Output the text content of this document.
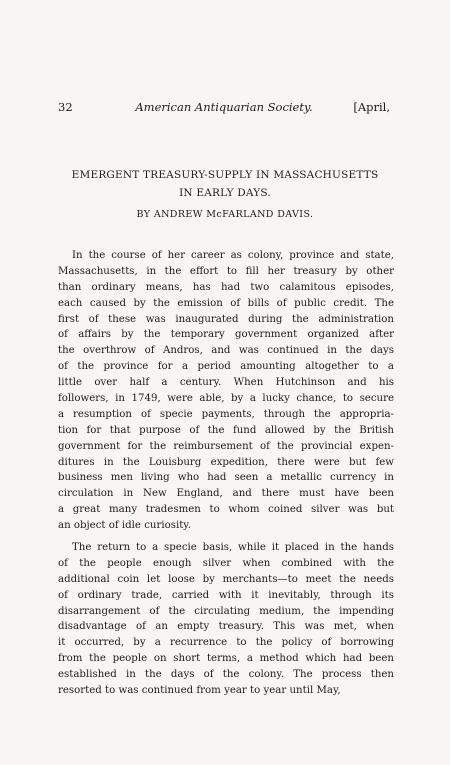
32	American Antiquarian Society.	[April,
EMERGENT TREASURY-SUPPLY IN MASSACHUSETTS
IN EARLY DAYS.
BY ANDREW McFARLAND DAVIS.

In the course of her career as colony, province and state,
Massachusetts, in the effort to fill her treasury by other
than ordinary means, has had two calamitous episodes,
each caused by the emission of bills of public credit. The
first of these was inaugurated during the administration
of affairs by the temporary government organized after
the overthrow of Andros, and was continued in the days
of the province for a period amounting altogether to a
little over half a century. When Hutchinson and his
followers, in 1749, were able, by a lucky chance, to secure
a resumption of specie payments, through the appropria-
tion for that purpose of the fund allowed by the British
government for the reimbursement of the provincial expen-
ditures in the Louisburg expedition, there were but few
business men living who had seen a metallic currency in
circulation in New England, and there must have been
a great many tradesmen to whom coined silver was but
an object of idle curiosity.

The return to a specie basis, while it placed in the hands
of the people enough silver when combined with the
additional coin let loose by merchants—to meet the needs
of ordinary trade, carried with it inevitably, through its
disarrangement of the circulating medium, the impending
disadvantage of an empty treasury. This was met, when
it occurred, by a recurrence to the policy of borrowing
from the people on short terms, a method which had been
established in the days of the colony. The process then
resorted to was continued from year to year until May,
